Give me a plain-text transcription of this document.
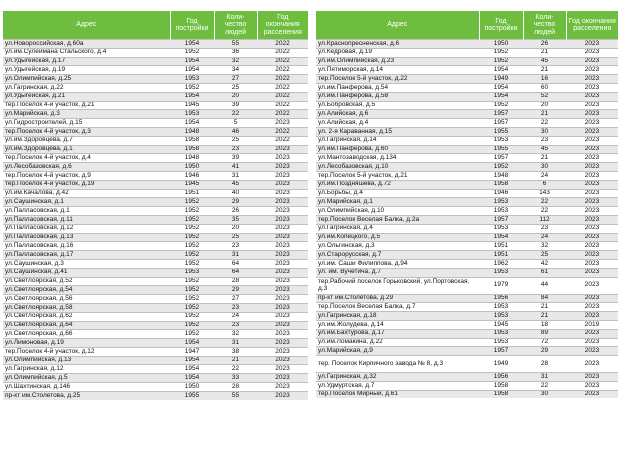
Адрес	Год постройки	Коли-чество людей	Год окончания расселения
ул.Новороссийская, д.60а	1954	55	2022
ул.им.Сулеймана Стальского, д.4	1952	36	2022
ул.Удыгейская, д.17	1954	32	2022
ул.Удыгейская, д.19	1954	34	2022
ул.Олимпийская, д.25	1953	27	2022
ул.Гагринская, д.22	1952	25	2022
ул.Удыгейская, д.21	1954	20	2022
тер.Поселок 4-й участок, д.21	1945	39	2022
ул.Марийская, д.3	1953	22	2022
ул.Гидростроителей, д.15	1954	5	2023
тер.Поселок 4-й участок, д.3	1948	46	2022
ул.им.Здоровцева, д.7	1958	25	2022
ул.им.Здоровцева, д.1	1958	23	2023
тер.Поселок 4-й участок, д.4	1948	39	2023
ул.Лесобазовская, д.6	1950	41	2023
тер.Поселок 4-й участок, д.9	1946	31	2023
тер.Поселок 4-й участок, д.19	1945	45	2023
ул.им.Качалова, д.42	1951	40	2023
ул.Саушинская, д.1	1952	29	2023
ул.Палласовская, д.1	1952	26	2023
ул.Палласовская, д.11	1952	35	2023
ул.Палласовская, д.12	1952	20	2023
ул.Палласовская, д.13	1952	25	2023
ул.Палласовская, д.16	1952	23	2023
ул.Палласовская, д.17	1952	31	2023
ул.Саушинская, д.3	1952	64	2023
ул.Саушинская, д.41	1953	64	2023
ул.Светлоярская, д.52	1952	28	2023
ул.Светлоярская, д.54	1952	29	2023
ул.Светлоярская, д.56	1952	27	2023
ул.Светлоярская, д.58	1952	23	2023
ул.Светлоярская, д.62	1952	24	2023
ул.Светлоярская, д.64	1952	23	2023
ул.Светлоярская, д.66	1952	32	2023
ул.Лимоновая, д.19	1954	31	2023
тер.Поселок 4-й участок, д.12	1947	38	2023
ул.Олимпийская, д.13	1954	21	2023
ул.Гагринская, д.12	1954	22	2023
ул.Олимпийская, д.5	1954	33	2023
ул.Шахтинская, д.146	1950	28	2023
пр-кт им.Столетова, д.25	1955	55	2023
Адрес	Год постройки	Коли-чество людей	Год окончания расселения
ул.Краснопресненская, д.6	1950	26	2023
ул.Кедровая, д.19	1952	21	2023
ул.им.Олимпийская, д.23	1952	45	2023
ул.Пятиморская, д.14	1954	21	2023
тер.Поселок 5-й участок, д.22	1949	16	2023
ул.им.Панферова, д.54	1954	60	2023
ул.им.Панферова, д.58	1954	52	2023
ул.Бобровская, д.5	1952	20	2023
ул.Алийская, д.6	1957	21	2023
ул.Алийская, д.4	1957	22	2023
ул. 2-я Караванная, д.15	1955	30	2023
ул.Гагринская, д.14	1953	23	2023
ул.им.Панферова, д.60	1955	45	2023
ул.Мантозаводская, д.134	1957	21	2023
ул.Лесобазовская, д.10	1952	30	2023
тер.Поселок 5-й участок, д.21	1948	24	2023
ул.им.Поздняшева, д.72	1958	6	2023
ул.Борьбы, д.4	1946	143	2023
ул.Марийская, д.1	1953	22	2023
ул.Олимпийская, д.10	1953	22	2023
тер.Поселок Веселая Балка, д.2а	1957	112	2023
ул.Гагринская, д.4	1953	23	2023
ул.им.Копецкого, д.5	1954	24	2023
ул.Ольгинская, д.3	1951	32	2023
ул.Старорусская, д.7	1951	25	2023
ул.им. Саши Филиппова, д.94	1962	42	2023
ул. им. Вучетича, д.7	1953	61	2023
тер.Рабочий поселок Горьковский, ул.Портовская, д.3	1979	44	2023
пр-кт им.Столетова, д.29	1956	84	2023
тер.Поселок Веселая Балка, д.7	1953	21	2023
ул.Гагринская, д.18	1953	21	2023
ул.им.Жолудева, д.14	1945	18	2019
ул.им.Бахтурова, д.17	1953	89	2023
ул.им.Ломакина, д.22	1953	72	2023
ул.Марийская, д.9	1957	29	2023
тер. Поселок Кирпичного завода № 8, д.3	1949	28	2023
ул.Гагринская, д.32	1956	31	2023
ул.Удмуртская, д.7	1958	22	2023
тер.Поселок Мирный, д.61	1958	30	2023
